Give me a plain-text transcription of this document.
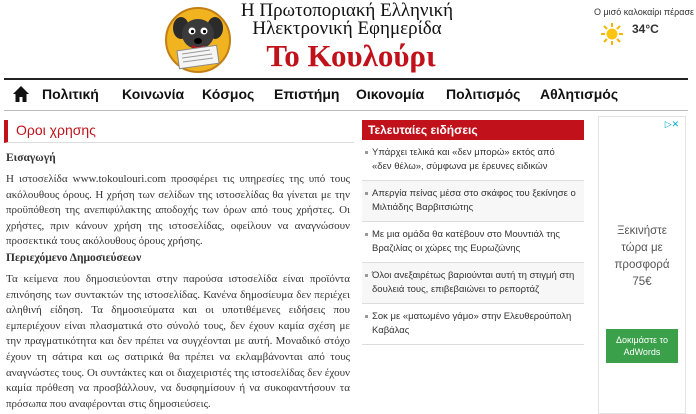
Η Πρωτοποριακή Ελληνική
Ηλεκτρονική Εφημερίδα
Το Κουλούρι
Ο μισό καλοκαίρι πέρασε
34°C
Πολιτική Κοινωνία Κόσμος Επιστήμη Οικονομία Πολιτισμός Αθλητισμός
Οροι χρησης
Εισαγωγή
Η ιστοσελίδα www.tokoulouri.com προσφέρει τις υπηρεσίες της υπό τους ακόλουθους όρους. Η χρήση των σελίδων της ιστοσελίδας θα γίνεται με την προϋπόθεση της ανεπιφύλακτης αποδοχής των όρων από τους χρήστες. Οι χρήστες, πριν κάνουν χρήση της ιστοσελίδας, οφείλουν να αναγνώσουν προσεκτικά τους ακόλουθους όρους χρήσης.
Περιεχόμενο Δημοσιεύσεων
Τα κείμενα που δημοσιεύονται στην παρούσα ιστοσελίδα είναι προϊόντα επινόησης των συντακτών της ιστοσελίδας. Κανένα δημοσίευμα δεν περιέχει αληθινή είδηση. Τα δημοσιεύματα και οι υποτιθέμενες ειδήσεις που εμπεριέχουν είναι πλασματικά στο σύνολό τους, δεν έχουν καμία σχέση με την πραγματικότητα και δεν πρέπει να συγχέονται με αυτή. Μοναδικό στόχο έχουν τη σάτιρα και ως σατιρικά θα πρέπει να εκλαμβάνονται από τους αναγνώστες τους. Οι συντάκτες και οι διαχειριστές της ιστοσελίδας δεν έχουν καμία πρόθεση να προσβάλλουν, να δυσφημίσουν ή να συκοφαντήσουν τα πρόσωπα που αναφέρονται στις δημοσιεύσεις.
Τελευταίες ειδήσεις
Υπάρχει τελικά και «δεν μπορώ» εκτός από «δεν θέλω», σύμφωνα με έρευνες ειδικών
Απεργία πείνας μέσα στο σκάφος του ξεκίνησε ο Μιλτιάδης Βαρβιτσιώτης
Με μια ομάδα θα κατέβουν στο Μουντιάλ της Βραζιλίας οι χώρες της Ευρωζώνης
Όλοι ανεξαιρέτως βαριούνται αυτή τη στιγμή στη δουλειά τους, επιβεβαιώνει το ρεπορτάζ
Σοκ με «ματωμένο γάμο» στην Ελευθερούπολη Καβάλας
▷✕
Ξεκινήστε
τώρα με
προσφορά
75€
Δοκιμάστε το
AdWords
